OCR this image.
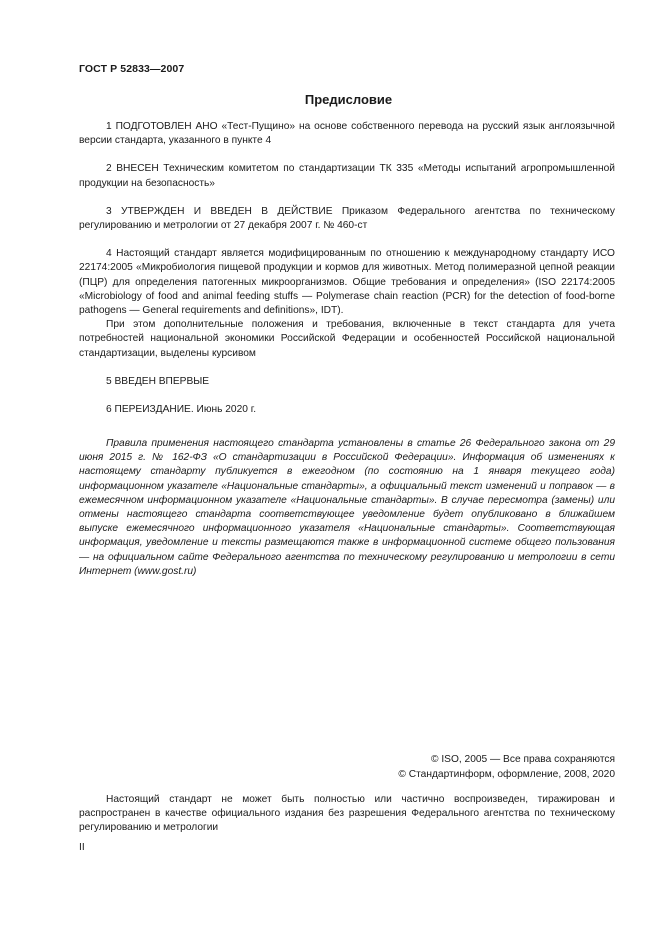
ГОСТ Р 52833—2007
Предисловие

1 ПОДГОТОВЛЕН АНО «Тест-Пущино» на основе собственного перевода на русский язык англоязычной версии стандарта, указанного в пункте 4

2 ВНЕСЕН Техническим комитетом по стандартизации ТК 335 «Методы испытаний агропромышленной продукции на безопасность»

3 УТВЕРЖДЕН И ВВЕДЕН В ДЕЙСТВИЕ Приказом Федерального агентства по техническому регулированию и метрологии от 27 декабря 2007 г. № 460-ст

4 Настоящий стандарт является модифицированным по отношению к международному стандарту ИСО 22174:2005 «Микробиология пищевой продукции и кормов для животных. Метод полимеразной цепной реакции (ПЦР) для определения патогенных микроорганизмов. Общие требования и определения» (ISO 22174:2005 «Microbiology of food and animal feeding stuffs — Polymerase chain reaction (PCR) for the detection of food-borne pathogens — General requirements and definitions», IDT).

При этом дополнительные положения и требования, включенные в текст стандарта для учета потребностей национальной экономики Российской Федерации и особенностей Российской национальной стандартизации, выделены курсивом

5 ВВЕДЕН ВПЕРВЫЕ

6 ПЕРЕИЗДАНИЕ. Июнь 2020 г.

Правила применения настоящего стандарта установлены в статье 26 Федерального закона от 29 июня 2015 г. № 162-ФЗ «О стандартизации в Российской Федерации». Информация об изменениях к настоящему стандарту публикуется в ежегодном (по состоянию на 1 января текущего года) информационном указателе «Национальные стандарты», а официальный текст изменений и поправок — в ежемесячном информационном указателе «Национальные стандарты». В случае пересмотра (замены) или отмены настоящего стандарта соответствующее уведомление будет опубликовано в ближайшем выпуске ежемесячного информационного указателя «Национальные стандарты». Соответствующая информация, уведомление и тексты размещаются также в информационной системе общего пользования — на официальном сайте Федерального агентства по техническому регулированию и метрологии в сети Интернет (www.gost.ru)
© ISO, 2005 — Все права сохраняются
© Стандартинформ, оформление, 2008, 2020
Настоящий стандарт не может быть полностью или частично воспроизведен, тиражирован и распространен в качестве официального издания без разрешения Федерального агентства по техническому регулированию и метрологии
II
